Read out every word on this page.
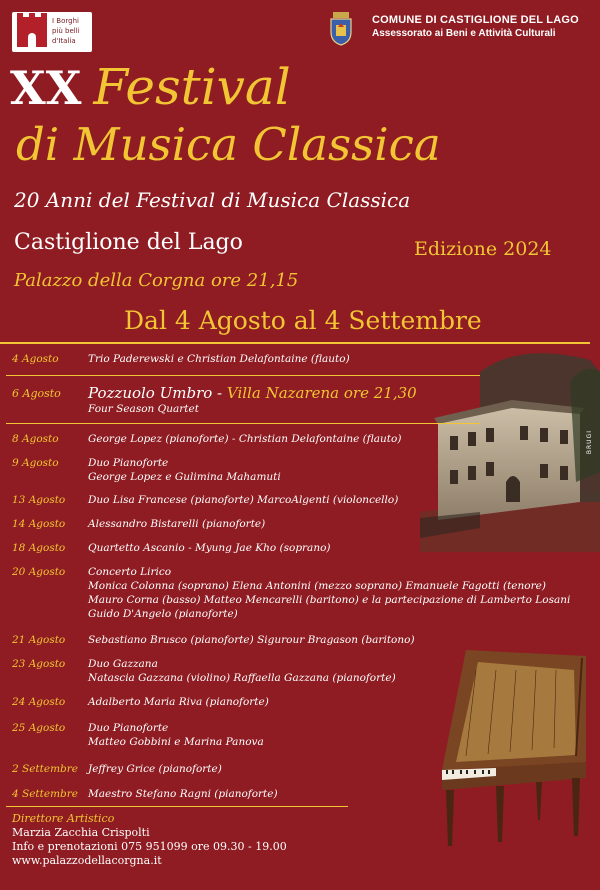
I Borghi
più belli
d'Italia
COMUNE DI CASTIGLIONE DEL LAGO
Assessorato ai Beni e Attività Culturali
XX Festival
di Musica Classica
20 Anni del Festival di Musica Classica
Castiglione del Lago	Edizione 2024
Palazzo della Corgna ore 21,15
Dal 4 Agosto al 4 Settembre
BRUGI
4 Agosto	Trio Paderewski e Christian Delafontaine (flauto)
6 Agosto Pozzuolo Umbro - Villa Nazarena ore 21,30
Four Season Quartet
8 Agosto	George Lopez (pianoforte) - Christian Delafontaine (flauto)
9 Agosto	Duo Pianoforte
George Lopez e Gulimina Mahamuti
13 Agosto Duo Lisa Francese (pianoforte) MarcoAlgenti (violoncello)
14 Agosto Alessandro Bistarelli (pianoforte)
18 Agosto Quartetto Ascanio - Myung Jae Kho (soprano)
20 Agosto Concerto Lirico
Monica Colonna (soprano) Elena Antonini (mezzo soprano) Emanuele Fagotti (tenore)
Mauro Corna (basso) Matteo Mencarelli (baritono) e la partecipazione di Lamberto Losani
Guido D'Angelo (pianoforte)
21 Agosto Sebastiano Brusco (pianoforte) Sigurour Bragason (baritono)
23 Agosto Duo Gazzana
Natascia Gazzana (violino) Raffaella Gazzana (pianoforte)
24 Agosto Adalberto Maria Riva (pianoforte)
25 Agosto Duo Pianoforte
Matteo Gobbini e Marina Panova
2 Settembre Jeffrey Grice (pianoforte)
4 Settembre Maestro Stefano Ragni (pianoforte)
Direttore Artistico
Marzia Zacchia Crispolti
Info e prenotazioni 075 951099 ore 09.30 - 19.00
www.palazzodellacorgna.it
